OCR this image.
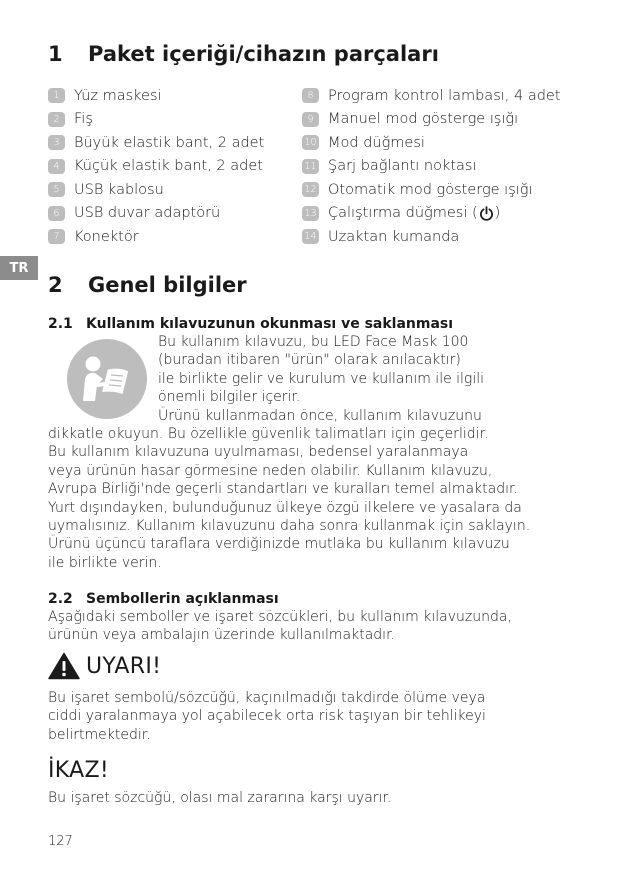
1 Paket içeriği/cihazın parçaları
1 Yüz maskesi
2 Fiş
3 Büyük elastik bant, 2 adet
4 Küçük elastik bant, 2 adet
5 USB kablosu
6 USB duvar adaptörü
7 Konektör
8 Program kontrol lambası, 4 adet
9 Manuel mod gösterge ışığı
10 Mod düğmesi
11 Şarj bağlantı noktası
12 Otomatik mod gösterge ışığı
13 Çalıştırma düğmesi ( )
14 Uzaktan kumanda
TR
2 Genel bilgiler
2.1 Kullanım kılavuzunun okunması ve saklanması
Bu kullanım kılavuzu, bu LED Face Mask 100
(buradan itibaren "ürün" olarak anılacaktır)
ile birlikte gelir ve kurulum ve kullanım ile ilgili
önemli bilgiler içerir.
Ürünü kullanmadan önce, kullanım kılavuzunu
dikkatle okuyun. Bu özellikle güvenlik talimatları için geçerlidir.
Bu kullanım kılavuzuna uyulmaması, bedensel yaralanmaya
veya ürünün hasar görmesine neden olabilir. Kullanım kılavuzu,
Avrupa Birliği'nde geçerli standartları ve kuralları temel almaktadır.
Yurt dışındayken, bulunduğunuz ülkeye özgü ilkelere ve yasalara da
uymalısınız. Kullanım kılavuzunu daha sonra kullanmak için saklayın.
Ürünü üçüncü taraflara verdiğinizde mutlaka bu kullanım kılavuzu
ile birlikte verin.
2.2 Sembollerin açıklanması
Aşağıdaki semboller ve işaret sözcükleri, bu kullanım kılavuzunda,
ürünün veya ambalajın üzerinde kullanılmaktadır.
UYARI!
Bu işaret sembolü/sözcüğü, kaçınılmadığı takdirde ölüme veya
ciddi yaralanmaya yol açabilecek orta risk taşıyan bir tehlikeyi
belirtmektedir.
İKAZ!
Bu işaret sözcüğü, olası mal zararına karşı uyarır.
127
